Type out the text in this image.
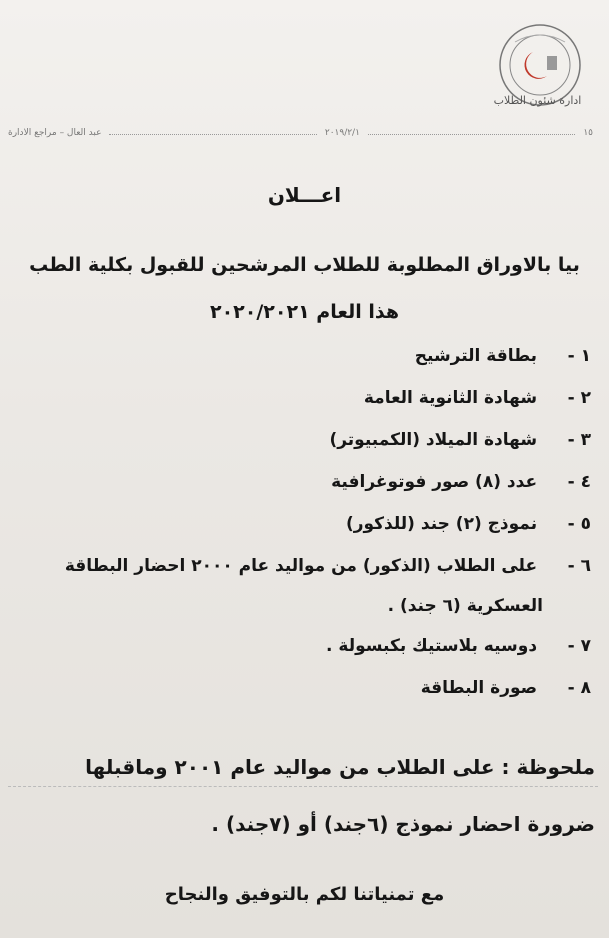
ادارة شئون الطلاب
١٥
٢٠١٩/٢/١
عبد العال – مراجع الادارة
اعـــلان
بيا بالاوراق المطلوبة للطلاب المرشحين للقبول بكلية الطب
هذا العام ٢٠٢٠/٢٠٢١
١ - بطاقة الترشيح
٢ - شهادة الثانوية العامة
٣ - شهادة الميلاد (الكمبيوتر)
٤ - عدد (٨) صور فوتوغرافية
٥ - نموذج (٢) جند (للذكور)
٦ - على الطلاب (الذكور) من مواليد عام ٢٠٠٠ احضار البطاقة
العسكرية (٦ جند) .
٧ - دوسيه بلاستيك بكبسولة .
٨ - صورة البطاقة
ملحوظة : على الطلاب من مواليد عام ٢٠٠١ وماقبلها
ضرورة احضار نموذج (٦جند) أو (٧جند) .
مع تمنياتنا لكم بالتوفيق والنجاح
